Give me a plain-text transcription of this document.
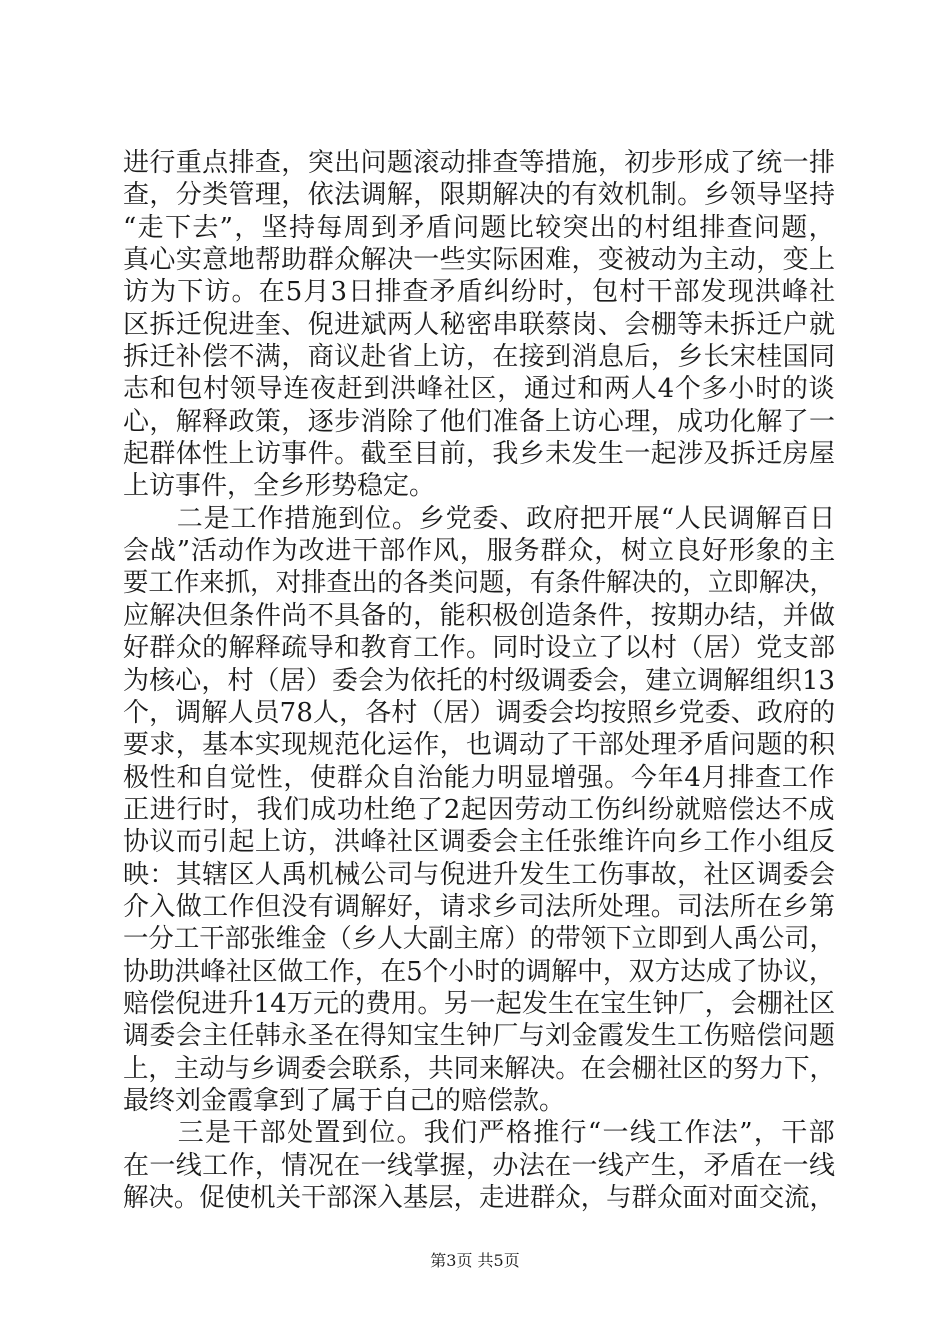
进行重点排查，突出问题滚动排查等措施，初步形成了统一排
查，分类管理，依法调解，限期解决的有效机制。乡领导坚持
“走下去”，坚持每周到矛盾问题比较突出的村组排查问题，
真心实意地帮助群众解决一些实际困难，变被动为主动，变上
访为下访。在5月3日排查矛盾纠纷时，包村干部发现洪峰社
区拆迁倪进奎、倪进斌两人秘密串联蔡岗、会棚等未拆迁户就
拆迁补偿不满，商议赴省上访，在接到消息后，乡长宋桂国同
志和包村领导连夜赶到洪峰社区，通过和两人4个多小时的谈
心，解释政策，逐步消除了他们准备上访心理，成功化解了一
起群体性上访事件。截至目前，我乡未发生一起涉及拆迁房屋
上访事件，全乡形势稳定。
　　二是工作措施到位。乡党委、政府把开展“人民调解百日
会战”活动作为改进干部作风，服务群众，树立良好形象的主
要工作来抓，对排查出的各类问题，有条件解决的，立即解决，
应解决但条件尚不具备的，能积极创造条件，按期办结，并做
好群众的解释疏导和教育工作。同时设立了以村（居）党支部
为核心，村（居）委会为依托的村级调委会，建立调解组织13
个，调解人员78人，各村（居）调委会均按照乡党委、政府的
要求，基本实现规范化运作，也调动了干部处理矛盾问题的积
极性和自觉性，使群众自治能力明显增强。今年4月排查工作
正进行时，我们成功杜绝了2起因劳动工伤纠纷就赔偿达不成
协议而引起上访，洪峰社区调委会主任张维许向乡工作小组反
映：其辖区人禹机械公司与倪进升发生工伤事故，社区调委会
介入做工作但没有调解好，请求乡司法所处理。司法所在乡第
一分工干部张维金（乡人大副主席）的带领下立即到人禹公司，
协助洪峰社区做工作，在5个小时的调解中，双方达成了协议，
赔偿倪进升14万元的费用。另一起发生在宝生钟厂，会棚社区
调委会主任韩永圣在得知宝生钟厂与刘金霞发生工伤赔偿问题
上，主动与乡调委会联系，共同来解决。在会棚社区的努力下，
最终刘金霞拿到了属于自己的赔偿款。
　　三是干部处置到位。我们严格推行“一线工作法”，干部
在一线工作，情况在一线掌握，办法在一线产生，矛盾在一线
解决。促使机关干部深入基层，走进群众，与群众面对面交流，
第3页 共5页
